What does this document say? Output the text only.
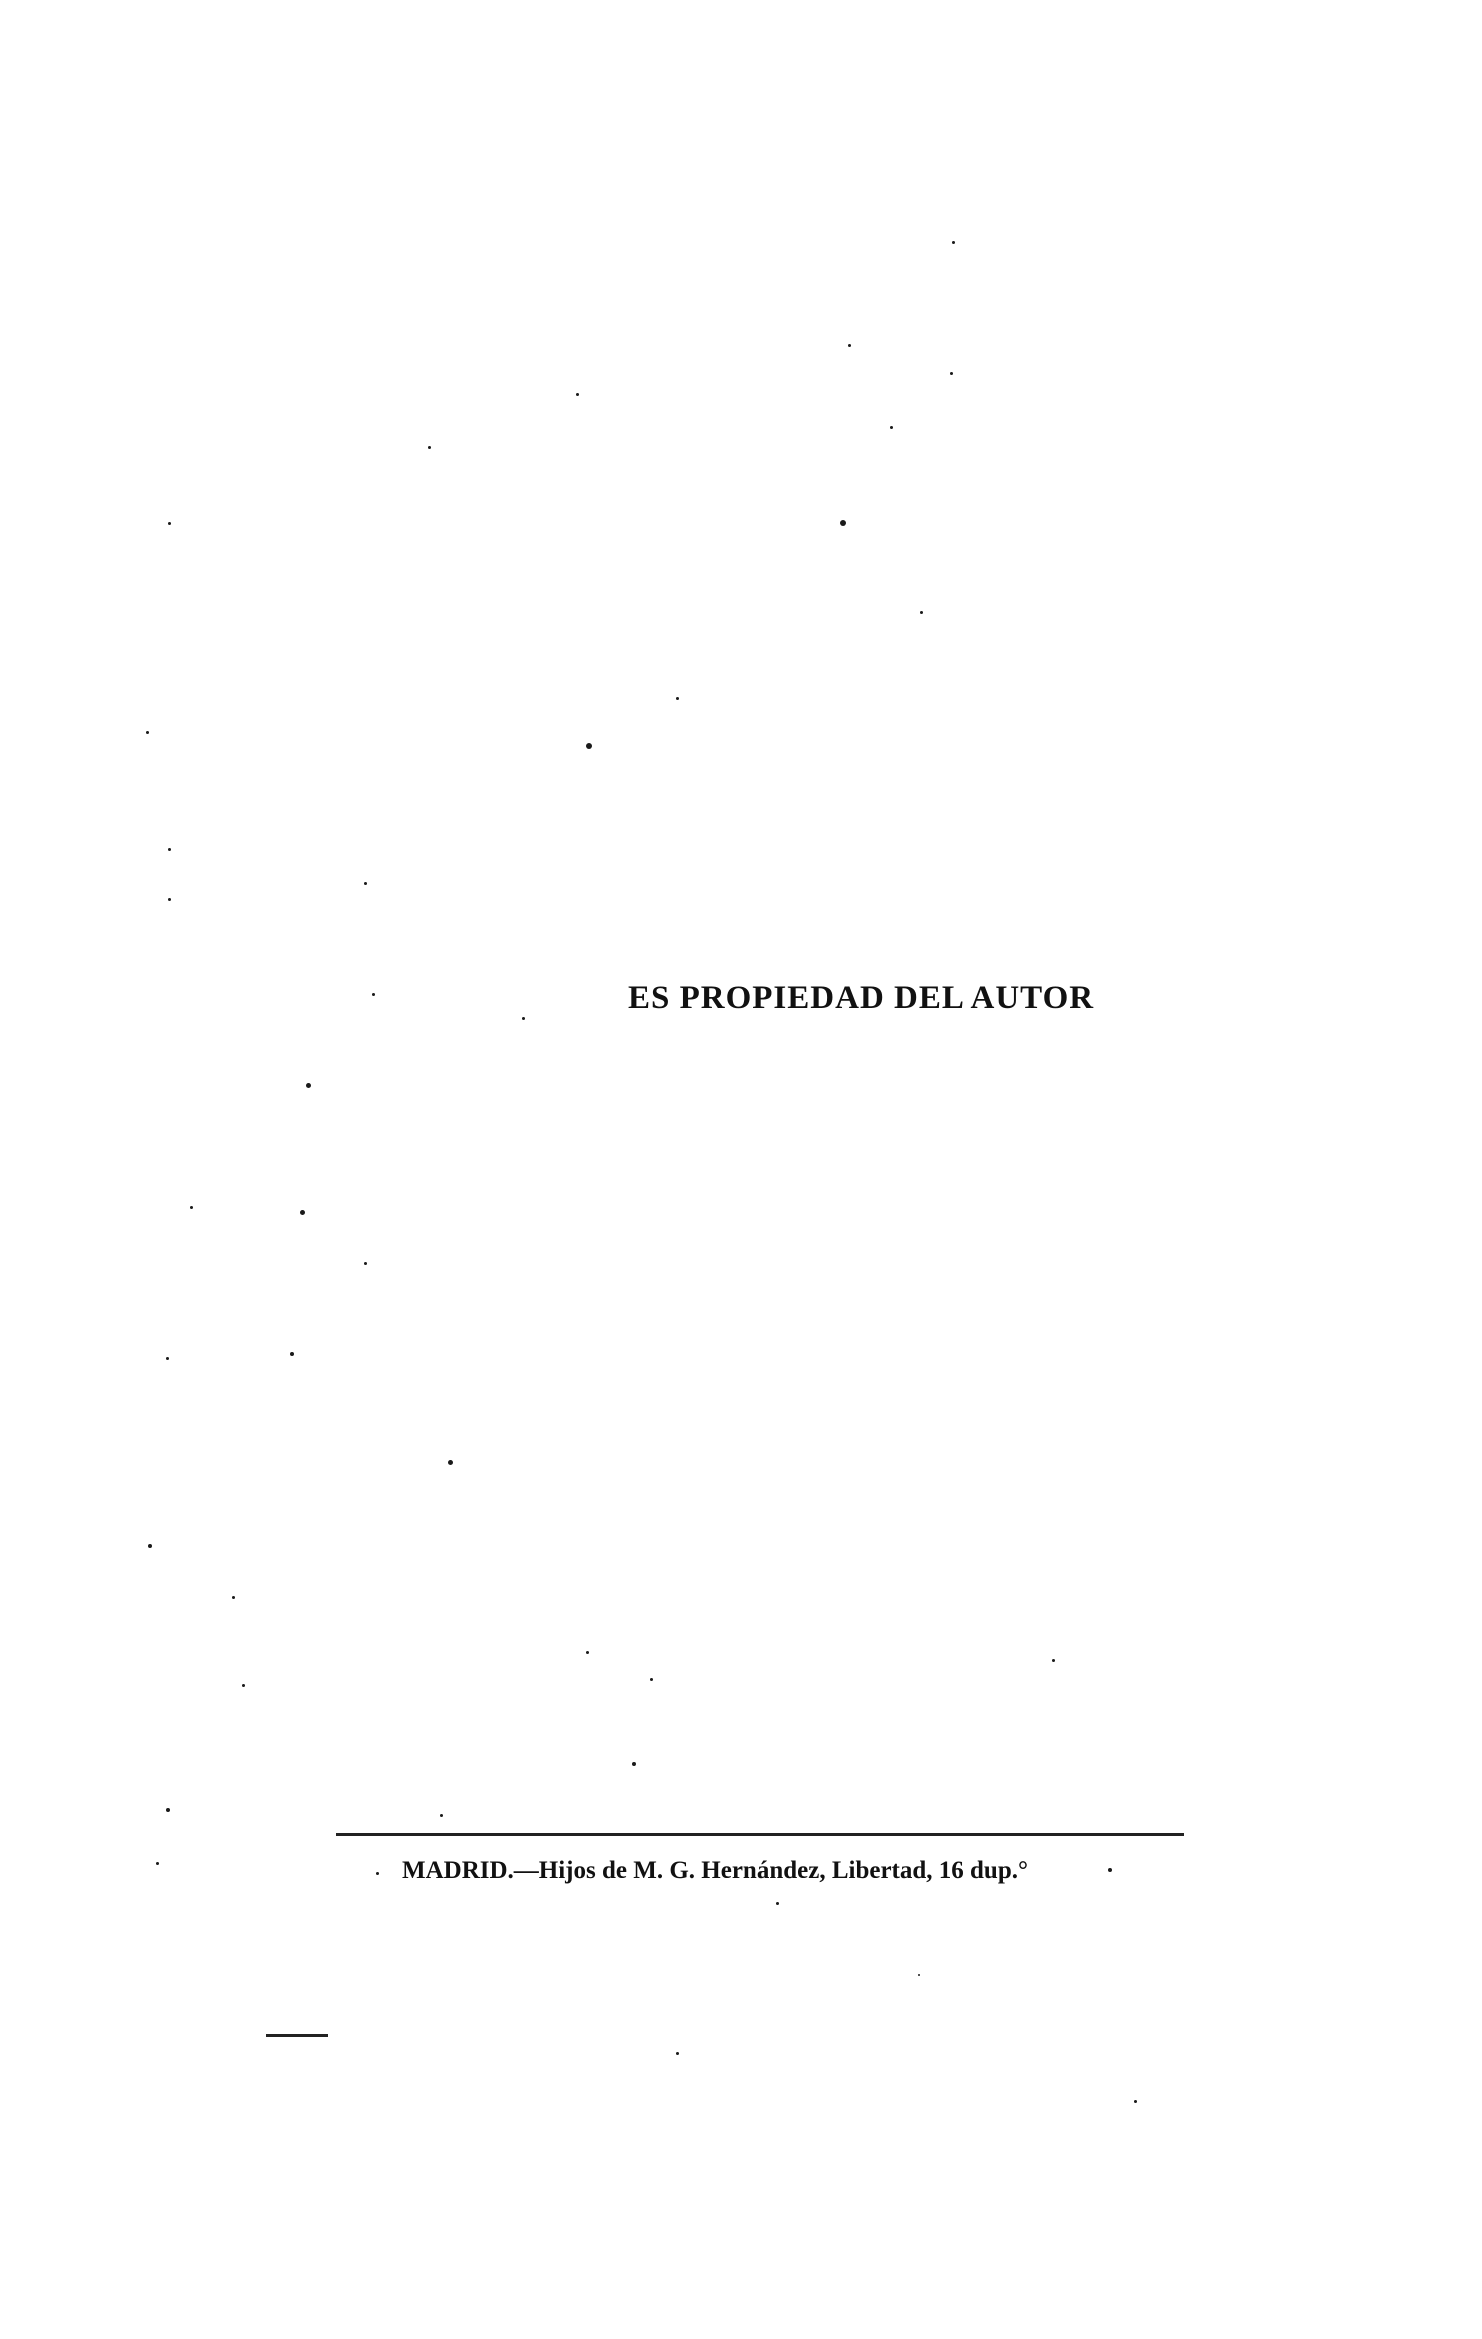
ES PROPIEDAD DEL AUTOR
MADRID.—Hijos de M. G. Hernández, Libertad, 16 dup.°
